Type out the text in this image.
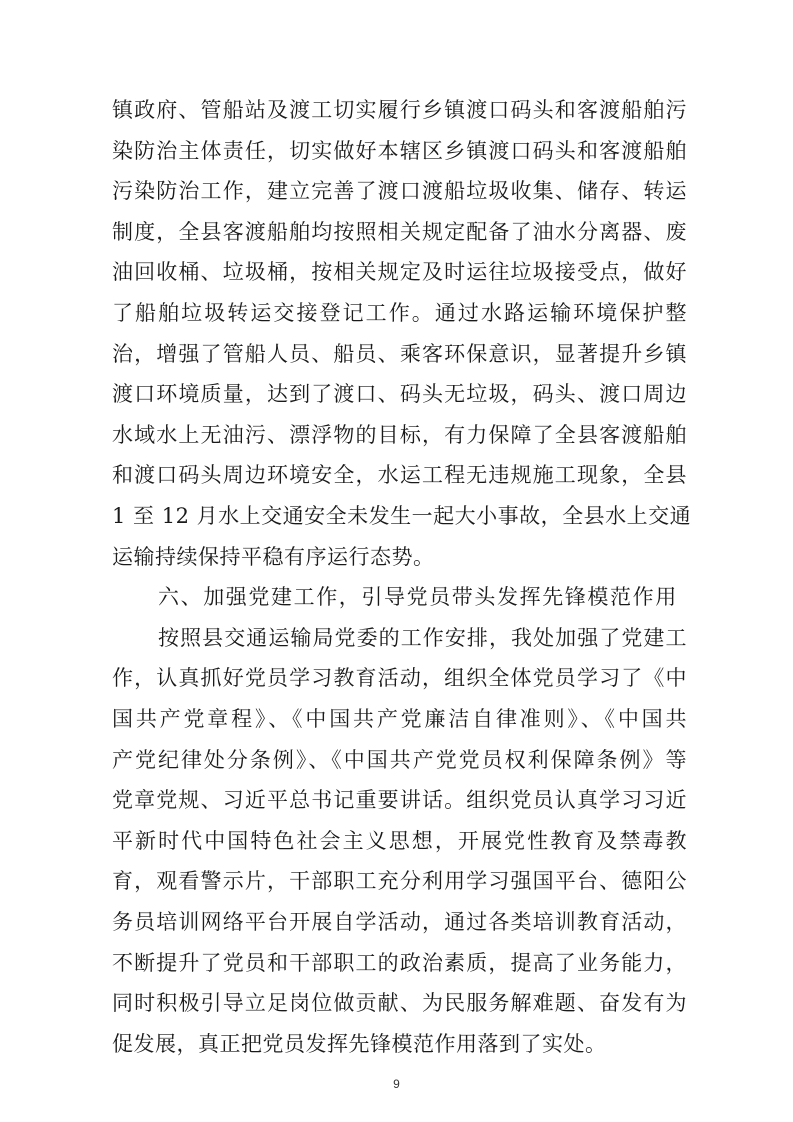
镇政府、管船站及渡工切实履行乡镇渡口码头和客渡船舶污
染防治主体责任，切实做好本辖区乡镇渡口码头和客渡船舶
污染防治工作，建立完善了渡口渡船垃圾收集、储存、转运
制度，全县客渡船舶均按照相关规定配备了油水分离器、废
油回收桶、垃圾桶，按相关规定及时运往垃圾接受点，做好
了船舶垃圾转运交接登记工作。通过水路运输环境保护整
治，增强了管船人员、船员、乘客环保意识，显著提升乡镇
渡口环境质量，达到了渡口、码头无垃圾，码头、渡口周边
水域水上无油污、漂浮物的目标，有力保障了全县客渡船舶
和渡口码头周边环境安全，水运工程无违规施工现象，全县
1 至 12 月水上交通安全未发生一起大小事故，全县水上交通
运输持续保持平稳有序运行态势。
六、加强党建工作，引导党员带头发挥先锋模范作用
按照县交通运输局党委的工作安排，我处加强了党建工
作，认真抓好党员学习教育活动，组织全体党员学习了《中
国共产党章程》、《中国共产党廉洁自律准则》、《中国共
产党纪律处分条例》、《中国共产党党员权利保障条例》等
党章党规、习近平总书记重要讲话。组织党员认真学习习近
平新时代中国特色社会主义思想，开展党性教育及禁毒教
育，观看警示片，干部职工充分利用学习强国平台、德阳公
务员培训网络平台开展自学活动，通过各类培训教育活动，
不断提升了党员和干部职工的政治素质，提高了业务能力，
同时积极引导立足岗位做贡献、为民服务解难题、奋发有为
促发展，真正把党员发挥先锋模范作用落到了实处。
9
